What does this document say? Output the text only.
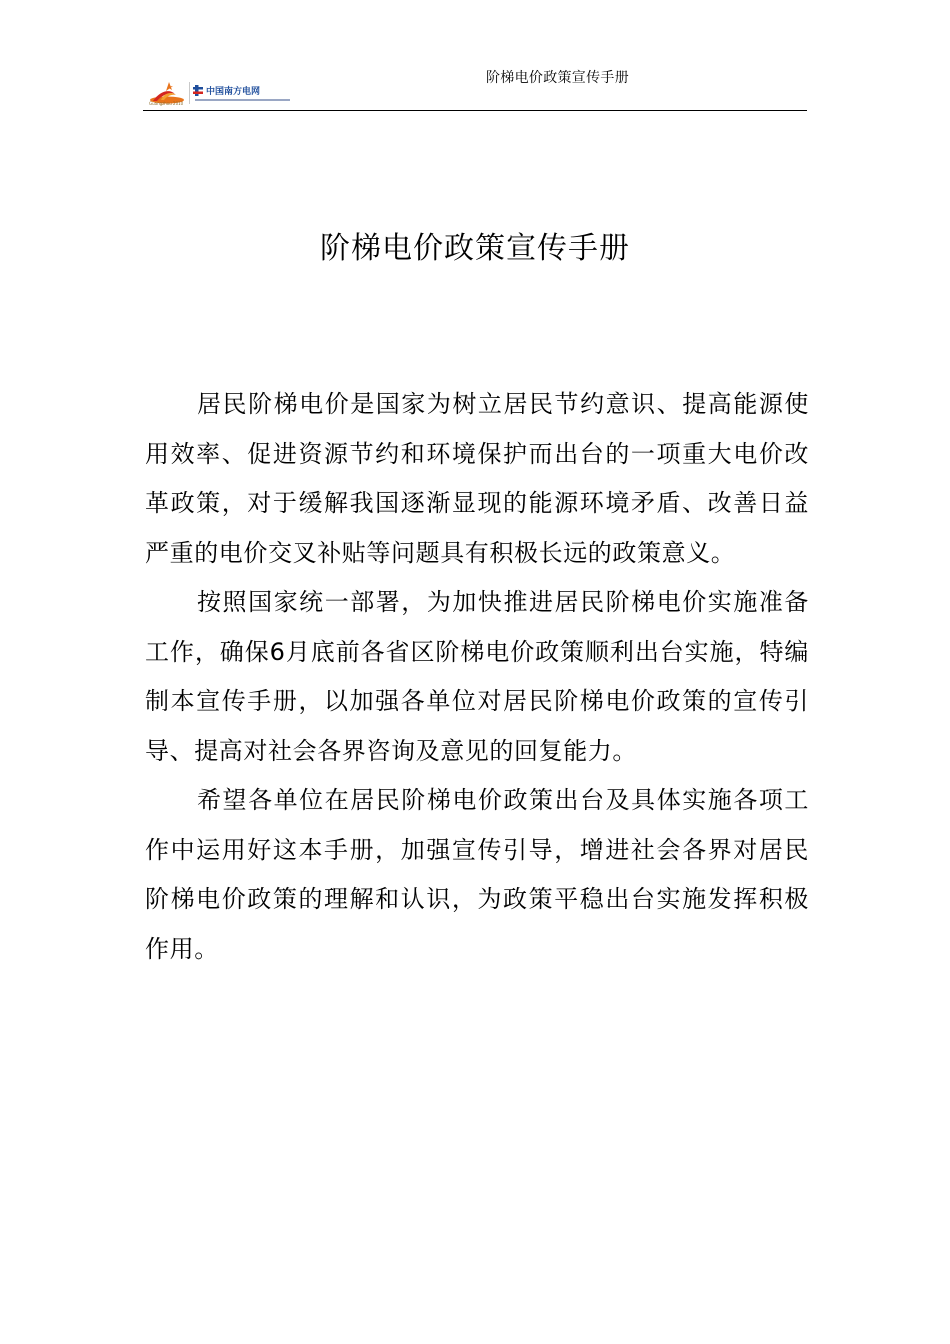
Guangzhou 2010
中国南方电网
阶梯电价政策宣传手册
阶梯电价政策宣传手册

居民阶梯电价是国家为树立居民节约意识、提高能源使用效率、促进资源节约和环境保护而出台的一项重大电价改革政策，对于缓解我国逐渐显现的能源环境矛盾、改善日益严重的电价交叉补贴等问题具有积极长远的政策意义。

按照国家统一部署，为加快推进居民阶梯电价实施准备工作，确保6月底前各省区阶梯电价政策顺利出台实施，特编制本宣传手册，以加强各单位对居民阶梯电价政策的宣传引导、提高对社会各界咨询及意见的回复能力。

希望各单位在居民阶梯电价政策出台及具体实施各项工作中运用好这本手册，加强宣传引导，增进社会各界对居民阶梯电价政策的理解和认识，为政策平稳出台实施发挥积极作用。
